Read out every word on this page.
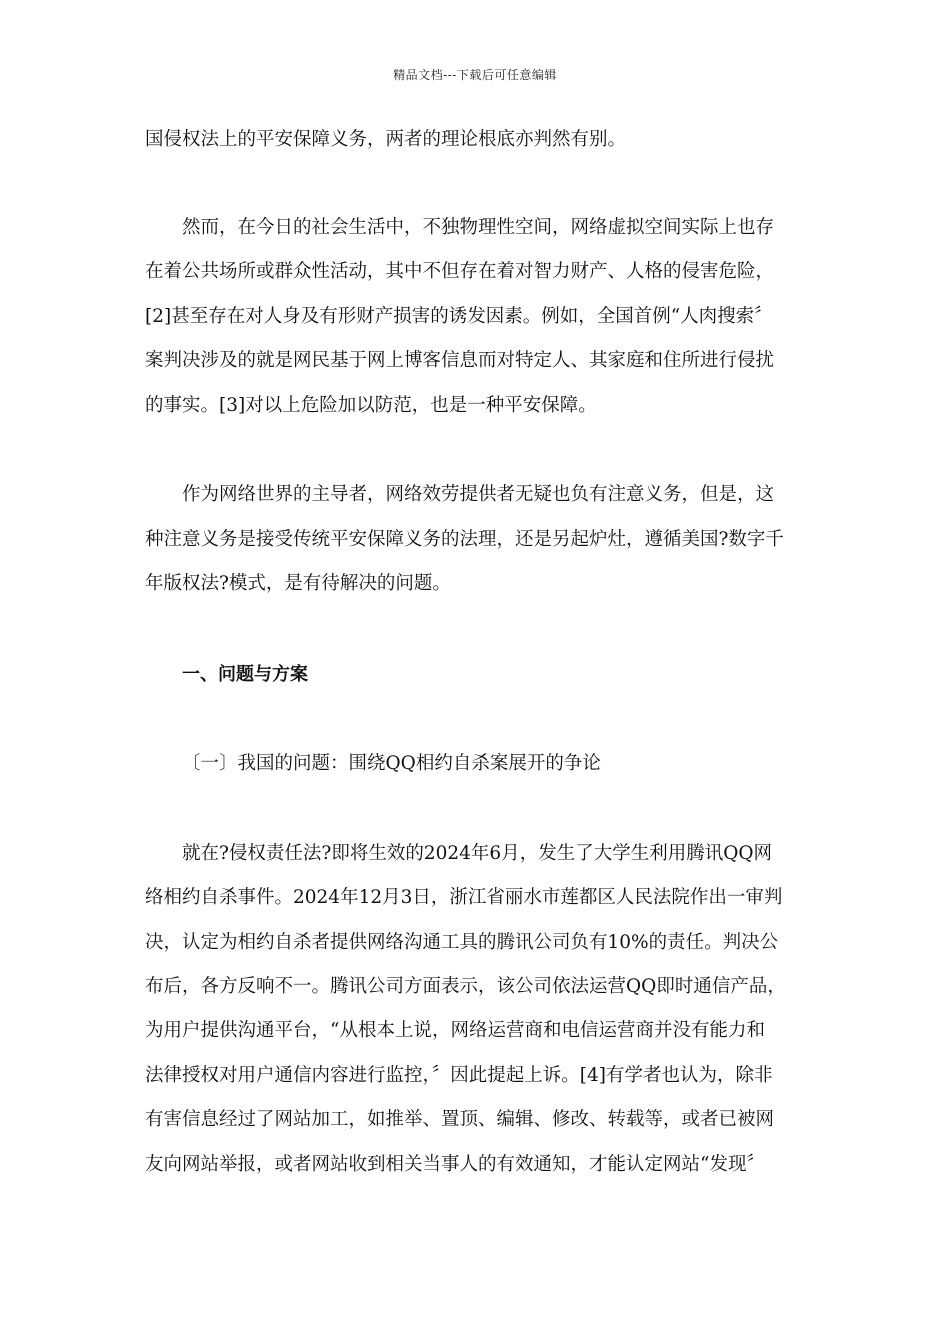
精品文档---下载后可任意编辑
国侵权法上的平安保障义务，两者的理论根底亦判然有别。
然而，在今日的社会生活中，不独物理性空间，网络虚拟空间实际上也存
在着公共场所或群众性活动，其中不但存在着对智力财产、人格的侵害危险，
[2]甚至存在对人身及有形财产损害的诱发因素。例如，全国首例“人肉搜索〞
案判决涉及的就是网民基于网上博客信息而对特定人、其家庭和住所进行侵扰
的事实。[3]对以上危险加以防范，也是一种平安保障。
作为网络世界的主导者，网络效劳提供者无疑也负有注意义务，但是，这
种注意义务是接受传统平安保障义务的法理，还是另起炉灶，遵循美国?数字千
年版权法?模式，是有待解决的问题。
一、问题与方案
〔一〕我国的问题：围绕QQ相约自杀案展开的争论
就在?侵权责任法?即将生效的2024年6月，发生了大学生利用腾讯QQ网
络相约自杀事件。2024年12月3日，浙江省丽水市莲都区人民法院作出一审判
决，认定为相约自杀者提供网络沟通工具的腾讯公司负有10%的责任。判决公
布后，各方反响不一。腾讯公司方面表示，该公司依法运营QQ即时通信产品，
为用户提供沟通平台，“从根本上说，网络运营商和电信运营商并没有能力和
法律授权对用户通信内容进行监控，〞因此提起上诉。[4]有学者也认为，除非
有害信息经过了网站加工，如推举、置顶、编辑、修改、转载等，或者已被网
友向网站举报，或者网站收到相关当事人的有效通知，才能认定网站“发现〞
